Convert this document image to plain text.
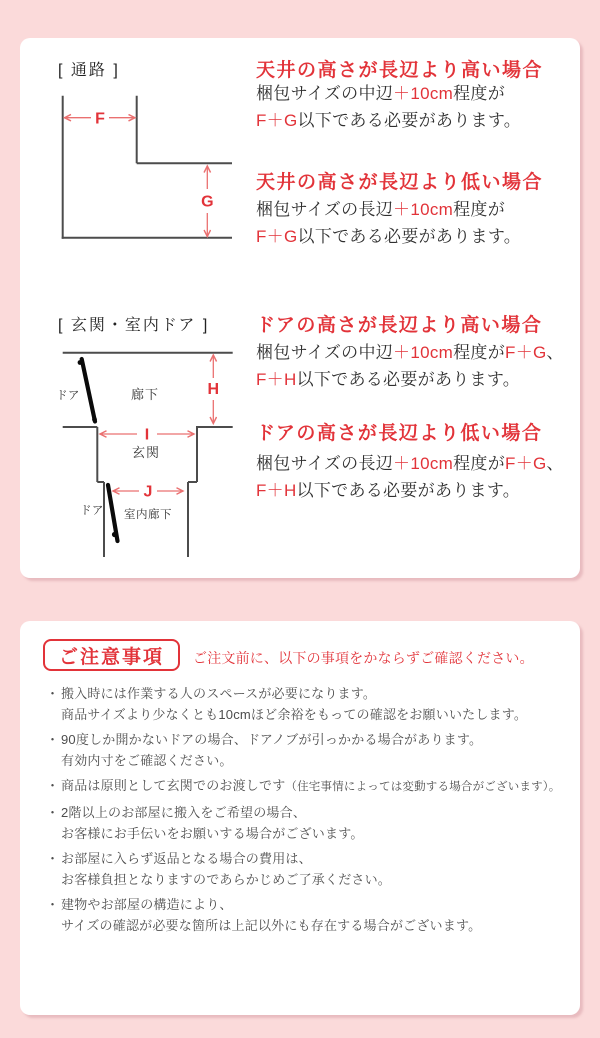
[ 通路 ]
F
G
天井の高さが長辺より高い場合

梱包サイズの中辺＋10cm程度が
F＋G以下である必要があります。

天井の高さが長辺より低い場合

梱包サイズの長辺＋10cm程度が
F＋G以下である必要があります。

[ 玄関・室内ドア ]
H
ドア	廊下
I
玄関
J
ドア 室内廊下
ドアの高さが長辺より高い場合

梱包サイズの中辺＋10cm程度がF＋G、
F＋H以下である必要があります。

ドアの高さが長辺より低い場合

梱包サイズの長辺＋10cm程度がF＋G、
F＋H以下である必要があります。

ご注意事項	ご注文前に、以下の事項をかならずご確認ください。
・ 搬入時には作業する人のスペースが必要になります。
商品サイズより少なくとも10cmほど余裕をもっての確認をお願いいたします。
・ 90度しか開かないドアの場合、ドアノブが引っかかる場合があります。
有効内寸をご確認ください。
・ 商品は原則として玄関でのお渡しです（住宅事情によっては変動する場合がございます）。
・ 2階以上のお部屋に搬入をご希望の場合、
お客様にお手伝いをお願いする場合がございます。
・ お部屋に入らず返品となる場合の費用は、
お客様負担となりますのであらかじめご了承ください。
・ 建物やお部屋の構造により、
サイズの確認が必要な箇所は上記以外にも存在する場合がございます。
